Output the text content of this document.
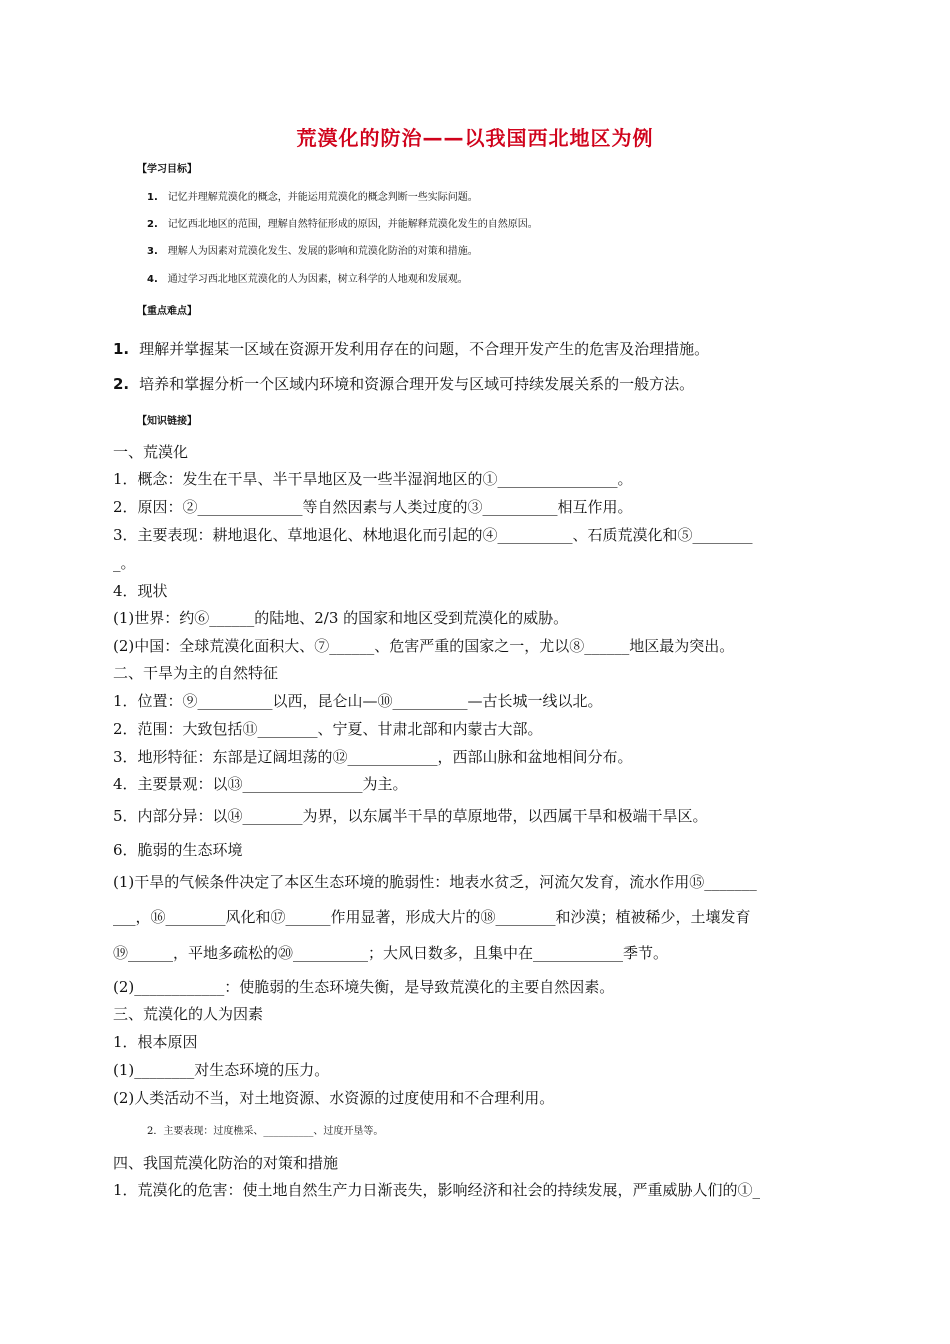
荒漠化的防治——以我国西北地区为例
【学习目标】
1. 记忆并理解荒漠化的概念，并能运用荒漠化的概念判断一些实际问题。
2. 记忆西北地区的范围，理解自然特征形成的原因，并能解释荒漠化发生的自然原因。
3. 理解人为因素对荒漠化发生、发展的影响和荒漠化防治的对策和措施。
4. 通过学习西北地区荒漠化的人为因素，树立科学的人地观和发展观。
【重点难点】
1. 理解并掌握某一区域在资源开发利用存在的问题，不合理开发产生的危害及治理措施。
2. 培养和掌握分析一个区域内环境和资源合理开发与区域可持续发展关系的一般方法。
【知识链接】
一、荒漠化
1．概念：发生在干旱、半干旱地区及一些半湿润地区的①________________。
2．原因：②______________等自然因素与人类过度的③__________相互作用。
3．主要表现：耕地退化、草地退化、林地退化而引起的④__________、石质荒漠化和⑤________
_。
4．现状
(1)世界：约⑥______的陆地、2/3 的国家和地区受到荒漠化的威胁。
(2)中国：全球荒漠化面积大、⑦______、危害严重的国家之一，尤以⑧______地区最为突出。
二、干旱为主的自然特征
1．位置：⑨__________以西，昆仑山—⑩__________—古长城一线以北。
2．范围：大致包括⑪________、宁夏、甘肃北部和内蒙古大部。
3．地形特征：东部是辽阔坦荡的⑫____________，西部山脉和盆地相间分布。
4．主要景观：以⑬________________为主。
5．内部分异：以⑭________为界，以东属半干旱的草原地带，以西属干旱和极端干旱区。
6．脆弱的生态环境
(1)干旱的气候条件决定了本区生态环境的脆弱性：地表水贫乏，河流欠发育，流水作用⑮_______
___，⑯________风化和⑰______作用显著，形成大片的⑱________和沙漠；植被稀少，土壤发育
⑲______，平地多疏松的⑳__________；大风日数多，且集中在____________季节。
(2)____________：使脆弱的生态环境失衡，是导致荒漠化的主要自然因素。
三、荒漠化的人为因素
1．根本原因
(1)________对生态环境的压力。
(2)人类活动不当，对土地资源、水资源的过度使用和不合理利用。
2．主要表现：过度樵采、__________、过度开垦等。
四、我国荒漠化防治的对策和措施
1．荒漠化的危害：使土地自然生产力日渐丧失，影响经济和社会的持续发展，严重威胁人们的①_
